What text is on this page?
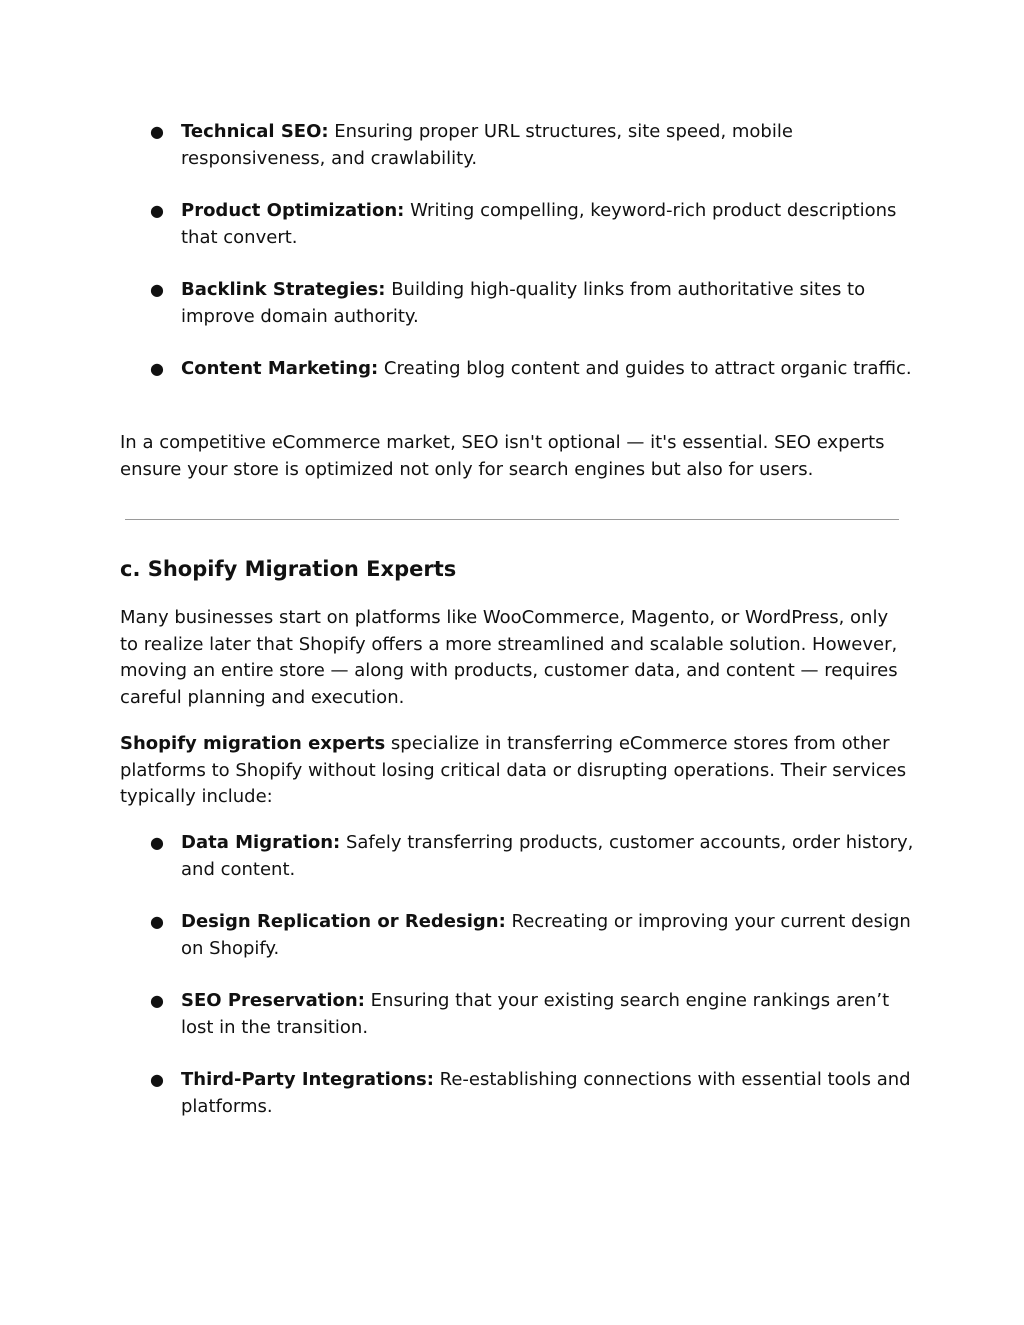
● Technical SEO: Ensuring proper URL structures, site speed, mobile responsiveness, and crawlability.
● Product Optimization: Writing compelling, keyword-rich product descriptions that convert.
● Backlink Strategies: Building high-quality links from authoritative sites to improve domain authority.
● Content Marketing: Creating blog content and guides to attract organic traffic.

In a competitive eCommerce market, SEO isn't optional — it's essential. SEO experts ensure your store is optimized not only for search engines but also for users.

c. Shopify Migration Experts

Many businesses start on platforms like WooCommerce, Magento, or WordPress, only to realize later that Shopify offers a more streamlined and scalable solution. However, moving an entire store — along with products, customer data, and content — requires careful planning and execution.

Shopify migration experts specialize in transferring eCommerce stores from other platforms to Shopify without losing critical data or disrupting operations. Their services typically include:

● Data Migration: Safely transferring products, customer accounts, order history, and content.
● Design Replication or Redesign: Recreating or improving your current design on Shopify.
● SEO Preservation: Ensuring that your existing search engine rankings aren’t lost in the transition.
● Third-Party Integrations: Re-establishing connections with essential tools and platforms.
